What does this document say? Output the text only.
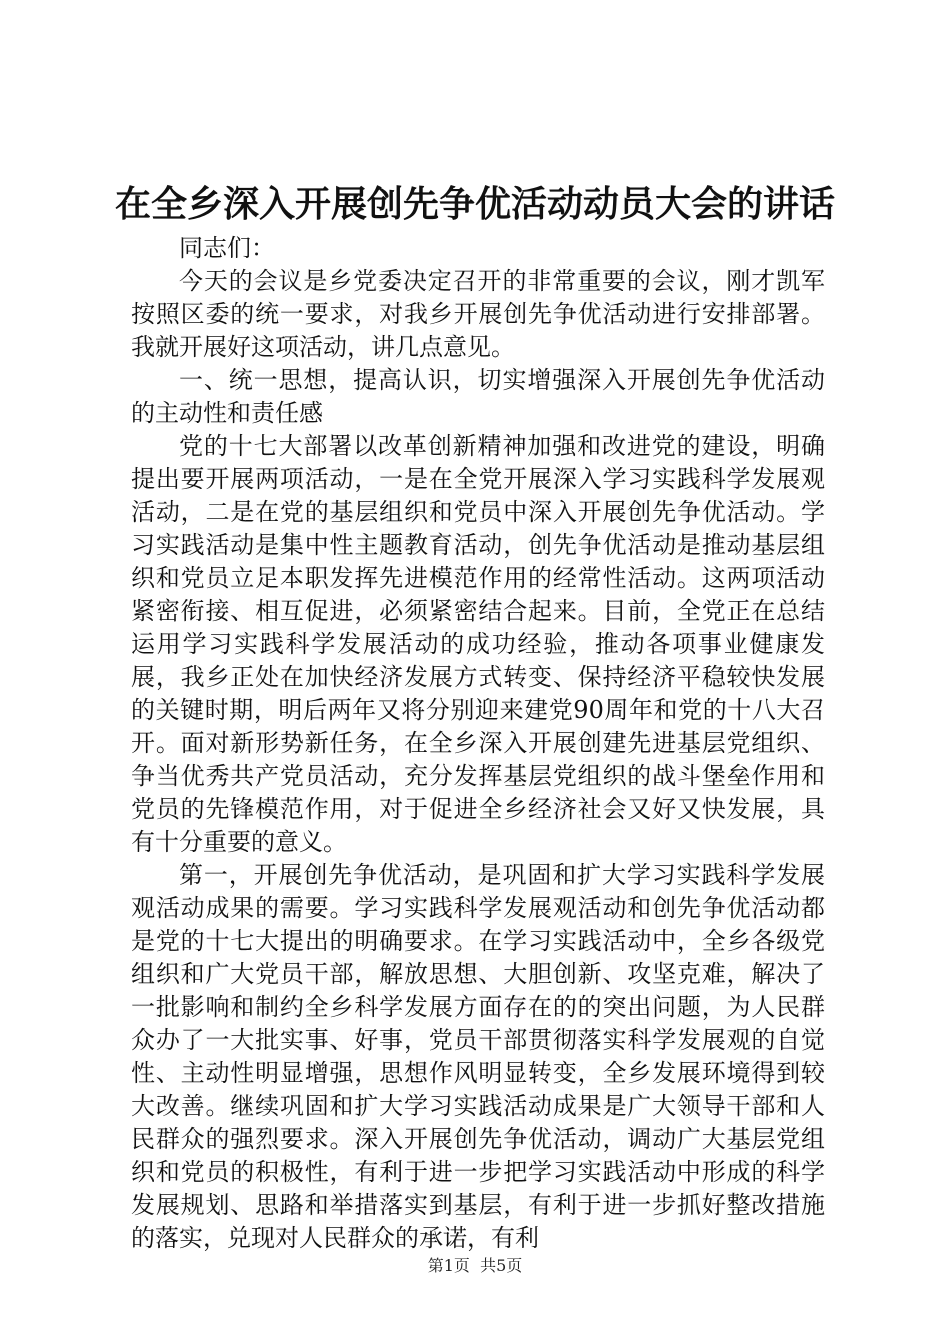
在全乡深入开展创先争优活动动员大会的讲话

同志们：

今天的会议是乡党委决定召开的非常重要的会议，刚才凯军按照区委的统一要求，对我乡开展创先争优活动进行安排部署。我就开展好这项活动，讲几点意见。

一、统一思想，提高认识，切实增强深入开展创先争优活动的主动性和责任感

党的十七大部署以改革创新精神加强和改进党的建设，明确提出要开展两项活动，一是在全党开展深入学习实践科学发展观活动，二是在党的基层组织和党员中深入开展创先争优活动。学习实践活动是集中性主题教育活动，创先争优活动是推动基层组织和党员立足本职发挥先进模范作用的经常性活动。这两项活动紧密衔接、相互促进，必须紧密结合起来。目前，全党正在总结运用学习实践科学发展活动的成功经验，推动各项事业健康发展，我乡正处在加快经济发展方式转变、保持经济平稳较快发展的关键时期，明后两年又将分别迎来建党90周年和党的十八大召开。面对新形势新任务，在全乡深入开展创建先进基层党组织、争当优秀共产党员活动，充分发挥基层党组织的战斗堡垒作用和党员的先锋模范作用，对于促进全乡经济社会又好又快发展，具有十分重要的意义。

第一，开展创先争优活动，是巩固和扩大学习实践科学发展观活动成果的需要。学习实践科学发展观活动和创先争优活动都是党的十七大提出的明确要求。在学习实践活动中，全乡各级党组织和广大党员干部，解放思想、大胆创新、攻坚克难，解决了一批影响和制约全乡科学发展方面存在的的突出问题，为人民群众办了一大批实事、好事，党员干部贯彻落实科学发展观的自觉性、主动性明显增强，思想作风明显转变，全乡发展环境得到较大改善。继续巩固和扩大学习实践活动成果是广大领导干部和人民群众的强烈要求。深入开展创先争优活动，调动广大基层党组织和党员的积极性，有利于进一步把学习实践活动中形成的科学发展规划、思路和举措落实到基层，有利于进一步抓好整改措施的落实，兑现对人民群众的承诺，有利

第1页 共5页
